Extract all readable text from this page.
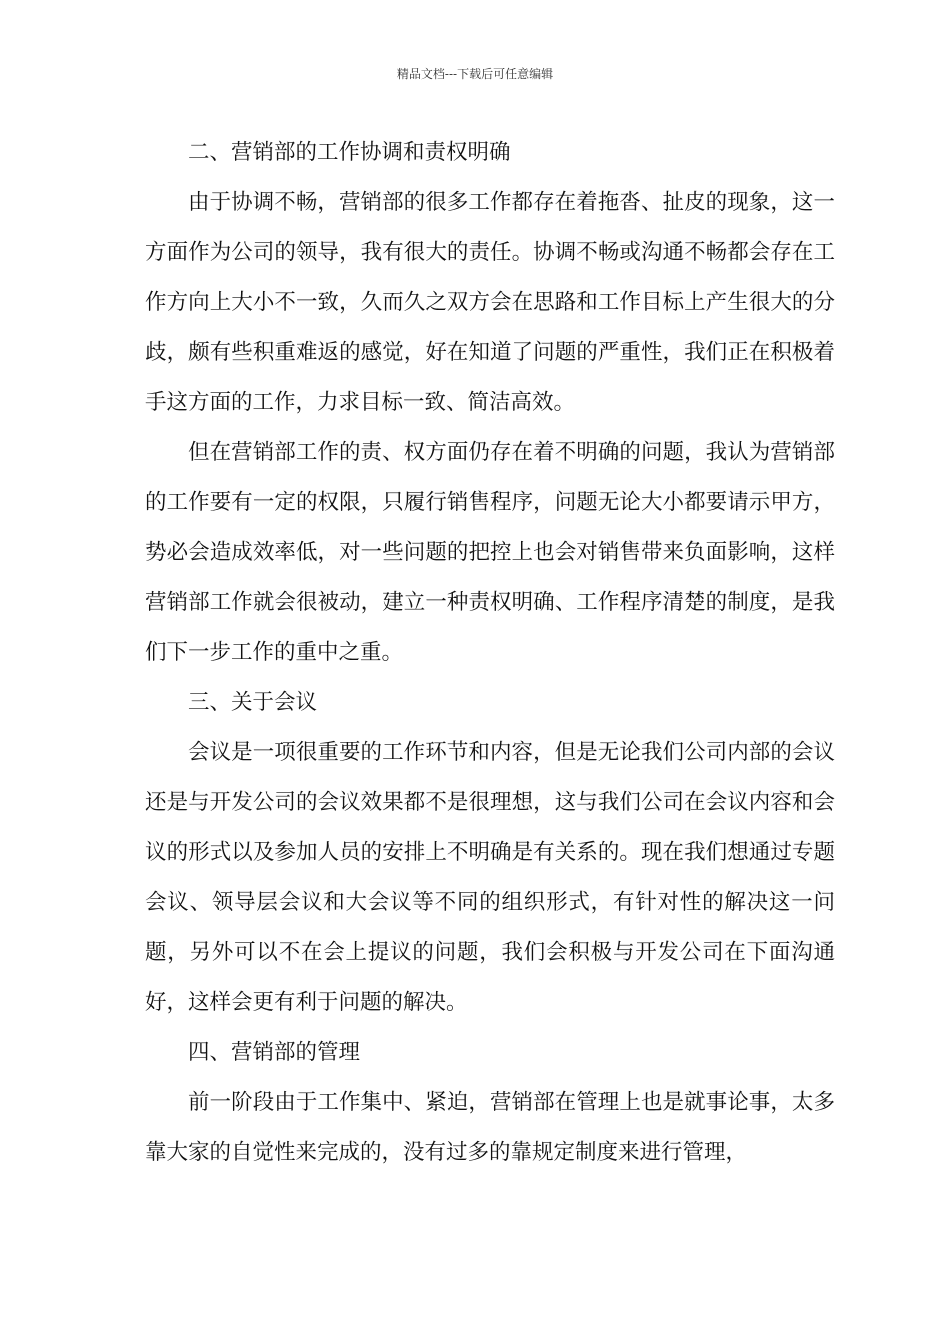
精品文档---下载后可任意编辑

二、营销部的工作协调和责权明确

由于协调不畅，营销部的很多工作都存在着拖沓、扯皮的现象，这一方面作为公司的领导，我有很大的责任。协调不畅或沟通不畅都会存在工作方向上大小不一致，久而久之双方会在思路和工作目标上产生很大的分歧，颇有些积重难返的感觉，好在知道了问题的严重性，我们正在积极着手这方面的工作，力求目标一致、简洁高效。

但在营销部工作的责、权方面仍存在着不明确的问题，我认为营销部的工作要有一定的权限，只履行销售程序，问题无论大小都要请示甲方，势必会造成效率低，对一些问题的把控上也会对销售带来负面影响，这样营销部工作就会很被动，建立一种责权明确、工作程序清楚的制度，是我们下一步工作的重中之重。

三、关于会议

会议是一项很重要的工作环节和内容，但是无论我们公司内部的会议还是与开发公司的会议效果都不是很理想，这与我们公司在会议内容和会议的形式以及参加人员的安排上不明确是有关系的。现在我们想通过专题会议、领导层会议和大会议等不同的组织形式，有针对性的解决这一问题，另外可以不在会上提议的问题，我们会积极与开发公司在下面沟通好，这样会更有利于问题的解决。

四、营销部的管理

前一阶段由于工作集中、紧迫，营销部在管理上也是就事论事，太多靠大家的自觉性来完成的，没有过多的靠规定制度来进行管理，
